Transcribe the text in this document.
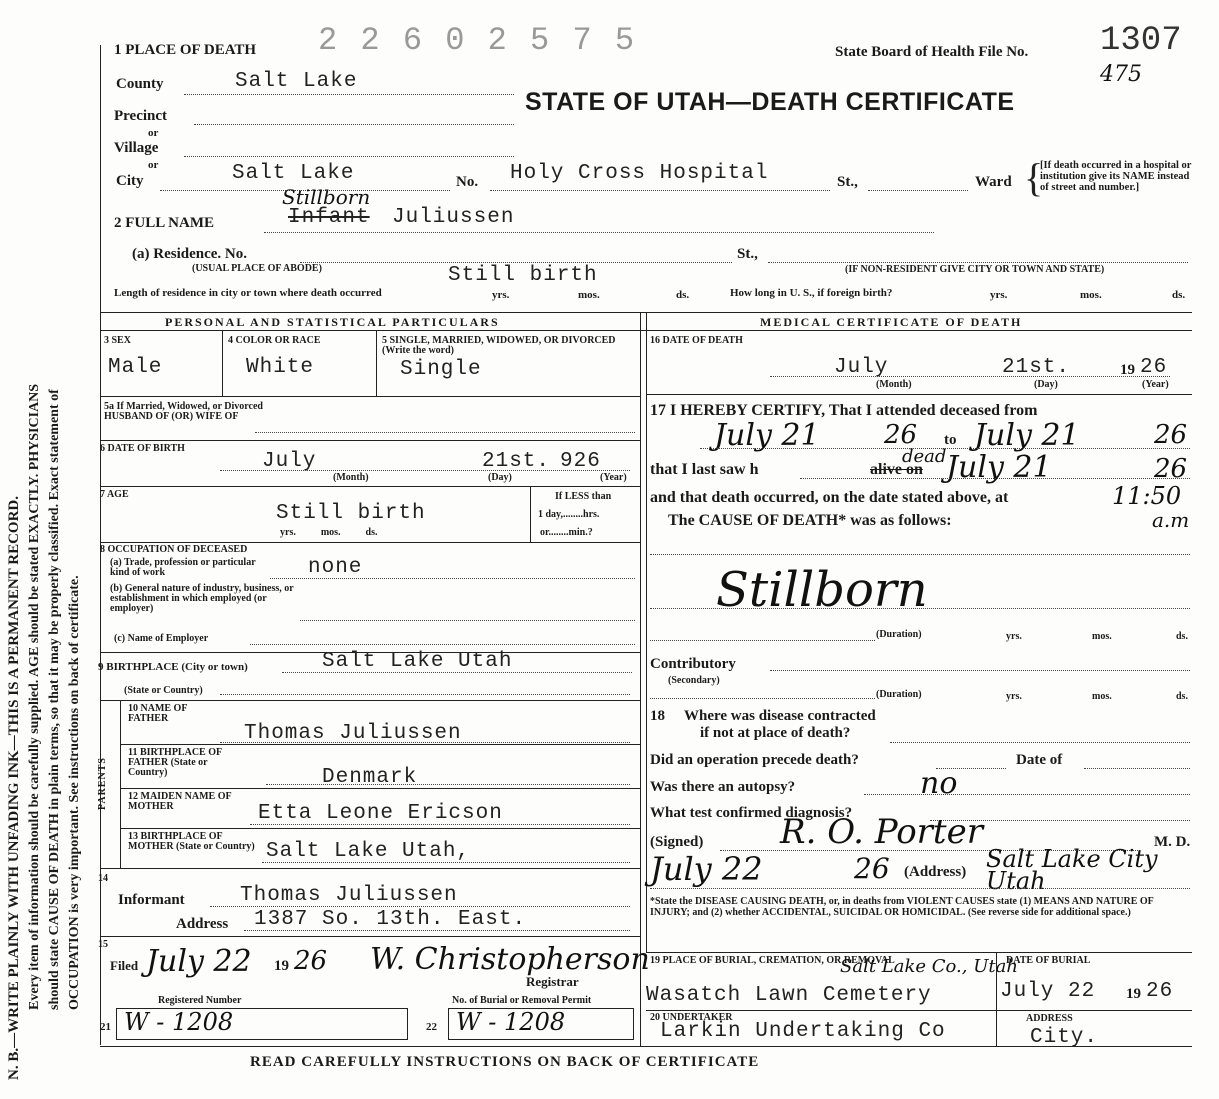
N. B.—WRITE PLAINLY WITH UNFADING INK—THIS IS A PERMANENT RECORD. Every item of information should be carefully supplied. AGE should be stated EXACTLY. PHYSICIANS should state CAUSE OF DEATH in plain terms, so that it may be properly classified. Exact statement of OCCUPATION is very important. See instructions on back of certificate.
1 PLACE OF DEATH 2 2 6 0 2 5 7 5	State Board of Health File No. 1307
475
STATE OF UTAH—DEATH CERTIFICATE
County	Salt Lake
Precinct
or
Village
or
City	Salt Lake	No. Holy Cross Hospital	St.,	Ward {
[If death occurred in a hospital or institution give its NAME instead of street and number.]
Stillborn
2 FULL NAME	Infant Juliussen
(a) Residence. No.
(USUAL PLACE OF ABODE)
St.,
(IF NON-RESIDENT GIVE CITY OR TOWN AND STATE)
Length of residence in city or town where death occurred
Still birth
yrs.	mos.	ds.	How long in U. S., if foreign birth?	yrs.	mos.	ds.
PERSONAL AND STATISTICAL PARTICULARS	MEDICAL CERTIFICATE OF DEATH
3 SEX
Male
4 COLOR OR RACE
White
5 SINGLE, MARRIED, WIDOWED, OR DIVORCED (Write the word)
Single
5a If Married, Widowed, or Divorced HUSBAND OF (OR) WIFE OF
6 DATE OF BIRTH
July	21st. 926
(Month)	(Day)	(Year)
7 AGE
Still birth
yrs.          mos.          ds.
If LESS than
1 day,........hrs.
or........min.?
8 OCCUPATION OF DECEASED
(a) Trade, profession or particular kind of work	none
(b) General nature of industry, business, or establishment in which employed (or employer)
(c) Name of Employer
9 BIRTHPLACE (City or town)	Salt Lake Utah
(State or Country)
PARENTS
10 NAME OF FATHER
Thomas Juliussen
11 BIRTHPLACE OF FATHER (State or Country)	Denmark
12 MAIDEN NAME OF MOTHER	Etta Leone Ericson
13 BIRTHPLACE OF MOTHER (State or Country) Salt Lake Utah,
14
Informant	Thomas Juliussen
Address 1387 So. 13th. East.
15
Filed July 22 19 26 W. Christopherson
Registrar
Registered Number	No. of Burial or Removal Permit
21 W - 1208	22 W - 1208
16 DATE OF DEATH
July	21st.	19 26
(Month)	(Day)	(Year)
17 I HEREBY CERTIFY, That I attended deceased from
July 21 26 to July 21	26
that I last saw h
dead
alive on July 21	26
and that death occurred, on the date stated above, at	11:50
a.m
The CAUSE OF DEATH* was as follows:
Stillborn
(Duration)	yrs.	mos.	ds.
Contributory
(Secondary)
(Duration)	yrs.	mos.	ds.
18 Where was disease contracted
if not at place of death?
Did an operation precede death?	Date of
Was there an autopsy?	no
What test confirmed diagnosis?
(Signed) R. O. Porter	M. D.
July 22	26 (Address) Salt Lake City Utah
*State the DISEASE CAUSING DEATH, or, in deaths from VIOLENT CAUSES state (1) MEANS AND NATURE OF INJURY; and (2) whether ACCIDENTAL, SUICIDAL OR HOMICIDAL. (See reverse side for additional space.)
19 PLACE OF BURIAL, CREMATION, OR REMOVAL
Salt Lake Co., Utah
Wasatch Lawn Cemetery
DATE OF BURIAL
July 22 19 26
20 UNDERTAKER
Larkin Undertaking Co
ADDRESS
City.
READ CAREFULLY INSTRUCTIONS ON BACK OF CERTIFICATE
